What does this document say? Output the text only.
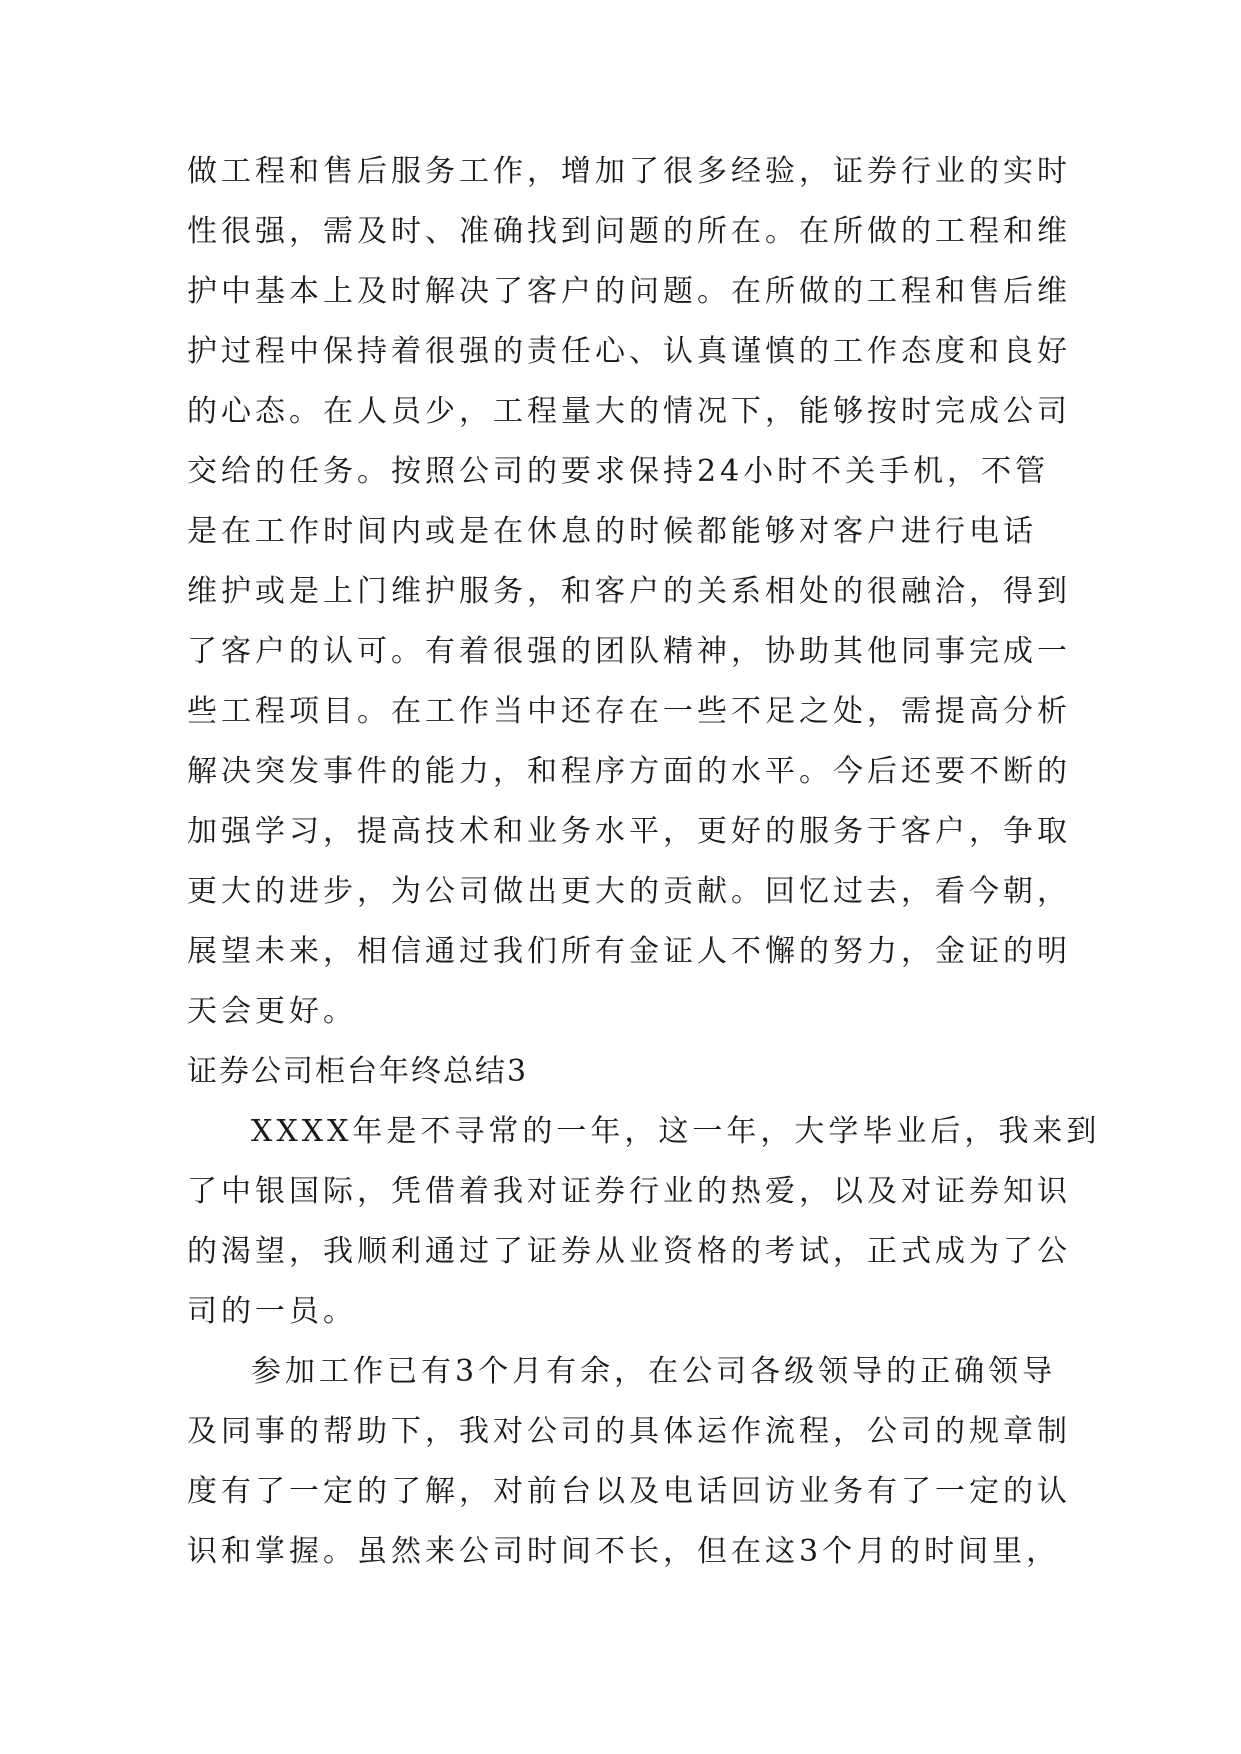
做工程和售后服务工作，增加了很多经验，证券行业的实时
性很强，需及时、准确找到问题的所在。在所做的工程和维
护中基本上及时解决了客户的问题。在所做的工程和售后维
护过程中保持着很强的责任心、认真谨慎的工作态度和良好
的心态。在人员少，工程量大的情况下，能够按时完成公司
交给的任务。按照公司的要求保持24小时不关手机，不管
是在工作时间内或是在休息的时候都能够对客户进行电话
维护或是上门维护服务，和客户的关系相处的很融洽，得到
了客户的认可。有着很强的团队精神，协助其他同事完成一
些工程项目。在工作当中还存在一些不足之处，需提高分析
解决突发事件的能力，和程序方面的水平。今后还要不断的
加强学习，提高技术和业务水平，更好的服务于客户，争取
更大的进步，为公司做出更大的贡献。回忆过去，看今朝，
展望未来，相信通过我们所有金证人不懈的努力，金证的明
天会更好。
证券公司柜台年终总结3
XXXX年是不寻常的一年，这一年，大学毕业后，我来到
了中银国际，凭借着我对证券行业的热爱，以及对证券知识
的渴望，我顺利通过了证券从业资格的考试，正式成为了公
司的一员。
参加工作已有3个月有余，在公司各级领导的正确领导
及同事的帮助下，我对公司的具体运作流程，公司的规章制
度有了一定的了解，对前台以及电话回访业务有了一定的认
识和掌握。虽然来公司时间不长，但在这3个月的时间里，
